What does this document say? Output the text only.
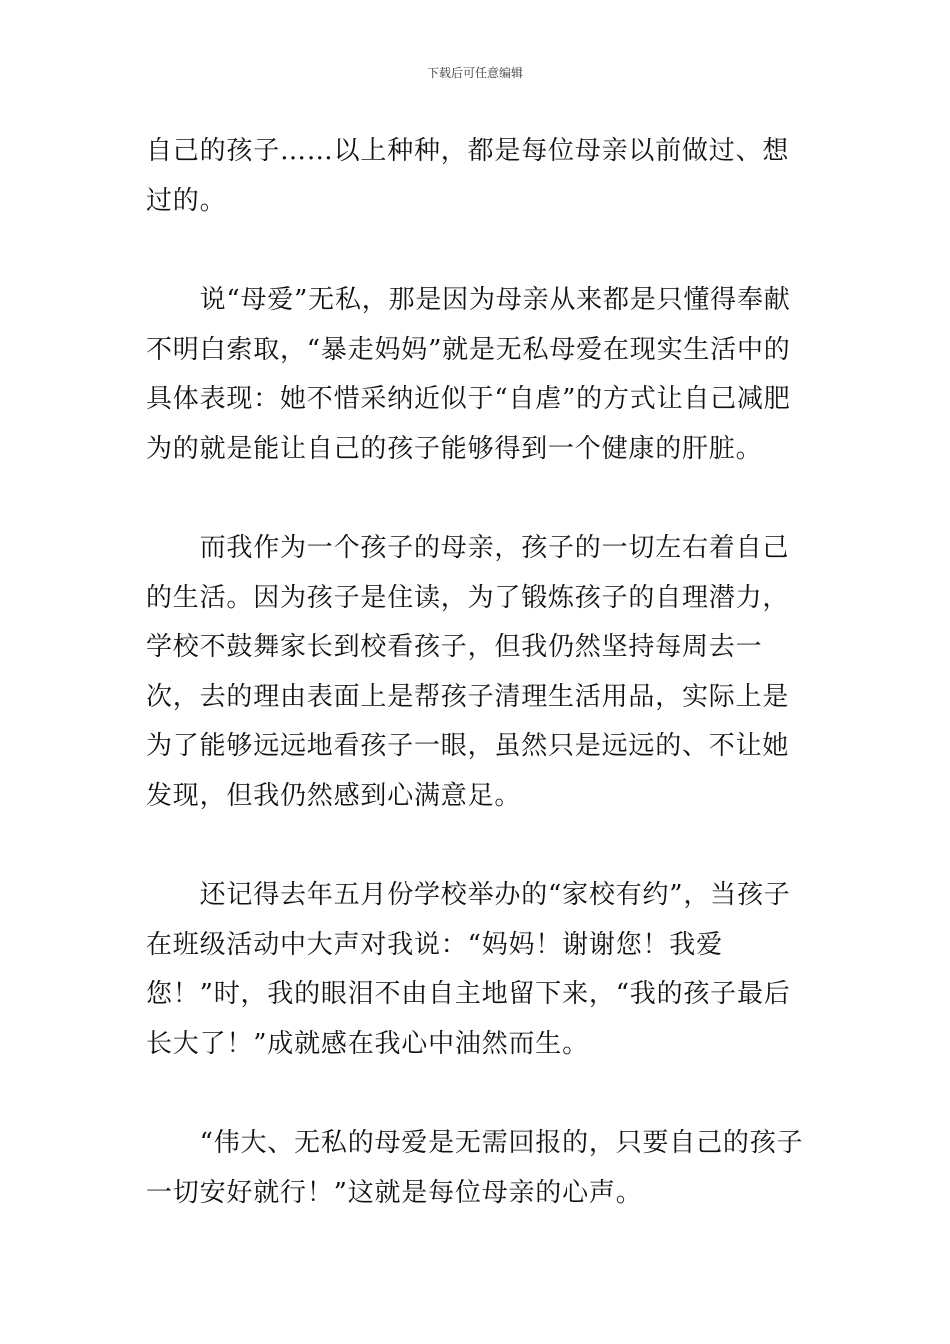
下载后可任意编辑

自己的孩子……以上种种，都是每位母亲以前做过、想过的。

　　说“母爱”无私，那是因为母亲从来都是只懂得奉献不明白索取，“暴走妈妈”就是无私母爱在现实生活中的具体表现：她不惜采纳近似于“自虐”的方式让自己减肥为的就是能让自己的孩子能够得到一个健康的肝脏。

　　而我作为一个孩子的母亲，孩子的一切左右着自己的生活。因为孩子是住读，为了锻炼孩子的自理潜力，学校不鼓舞家长到校看孩子，但我仍然坚持每周去一次，去的理由表面上是帮孩子清理生活用品，实际上是为了能够远远地看孩子一眼，虽然只是远远的、不让她发现，但我仍然感到心满意足。

　　还记得去年五月份学校举办的“家校有约”，当孩子在班级活动中大声对我说：“妈妈！谢谢您！我爱您！”时，我的眼泪不由自主地留下来，“我的孩子最后长大了！”成就感在我心中油然而生。

　　“伟大、无私的母爱是无需回报的，只要自己的孩子一切安好就行！”这就是每位母亲的心声。
